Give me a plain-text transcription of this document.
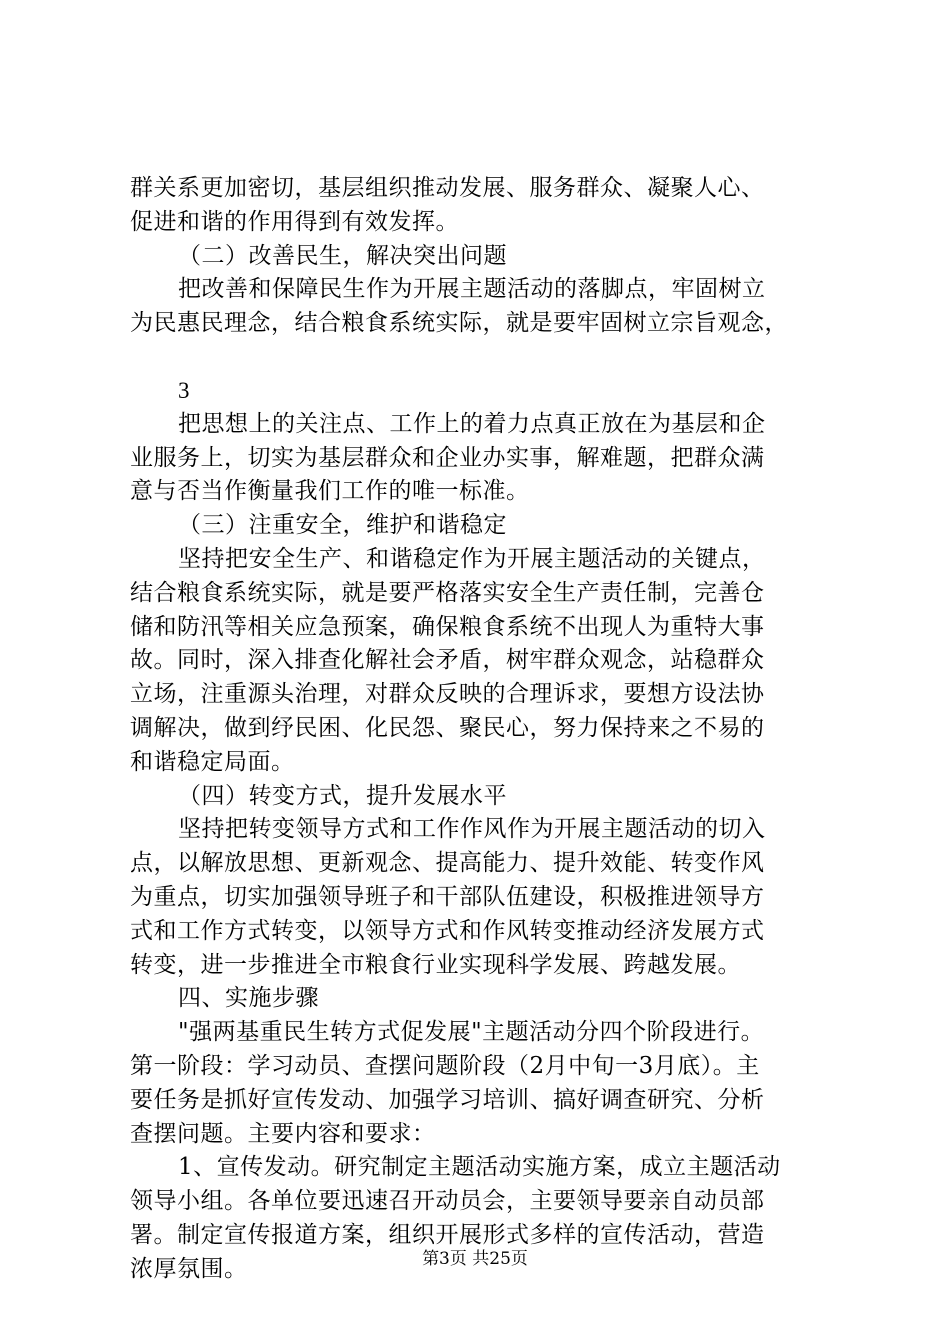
群关系更加密切，基层组织推动发展、服务群众、凝聚人心、
促进和谐的作用得到有效发挥。

（二）改善民生，解决突出问题

把改善和保障民生作为开展主题活动的落脚点，牢固树立
为民惠民理念，结合粮食系统实际，就是要牢固树立宗旨观念，

3

把思想上的关注点、工作上的着力点真正放在为基层和企
业服务上，切实为基层群众和企业办实事，解难题，把群众满
意与否当作衡量我们工作的唯一标准。

（三）注重安全，维护和谐稳定

坚持把安全生产、和谐稳定作为开展主题活动的关键点，
结合粮食系统实际，就是要严格落实安全生产责任制，完善仓
储和防汛等相关应急预案，确保粮食系统不出现人为重特大事
故。同时，深入排查化解社会矛盾，树牢群众观念，站稳群众
立场，注重源头治理，对群众反映的合理诉求，要想方设法协
调解决，做到纾民困、化民怨、聚民心，努力保持来之不易的
和谐稳定局面。

（四）转变方式，提升发展水平

坚持把转变领导方式和工作作风作为开展主题活动的切入
点，以解放思想、更新观念、提高能力、提升效能、转变作风
为重点，切实加强领导班子和干部队伍建设，积极推进领导方
式和工作方式转变，以领导方式和作风转变推动经济发展方式
转变，进一步推进全市粮食行业实现科学发展、跨越发展。

四、实施步骤

"强两基重民生转方式促发展"主题活动分四个阶段进行。
第一阶段：学习动员、查摆问题阶段（2月中旬一3月底）。主
要任务是抓好宣传发动、加强学习培训、搞好调查研究、分析
查摆问题。主要内容和要求：

1、宣传发动。研究制定主题活动实施方案，成立主题活动
领导小组。各单位要迅速召开动员会，主要领导要亲自动员部
署。制定宣传报道方案，组织开展形式多样的宣传活动，营造
浓厚氛围。	第3页 共25页
